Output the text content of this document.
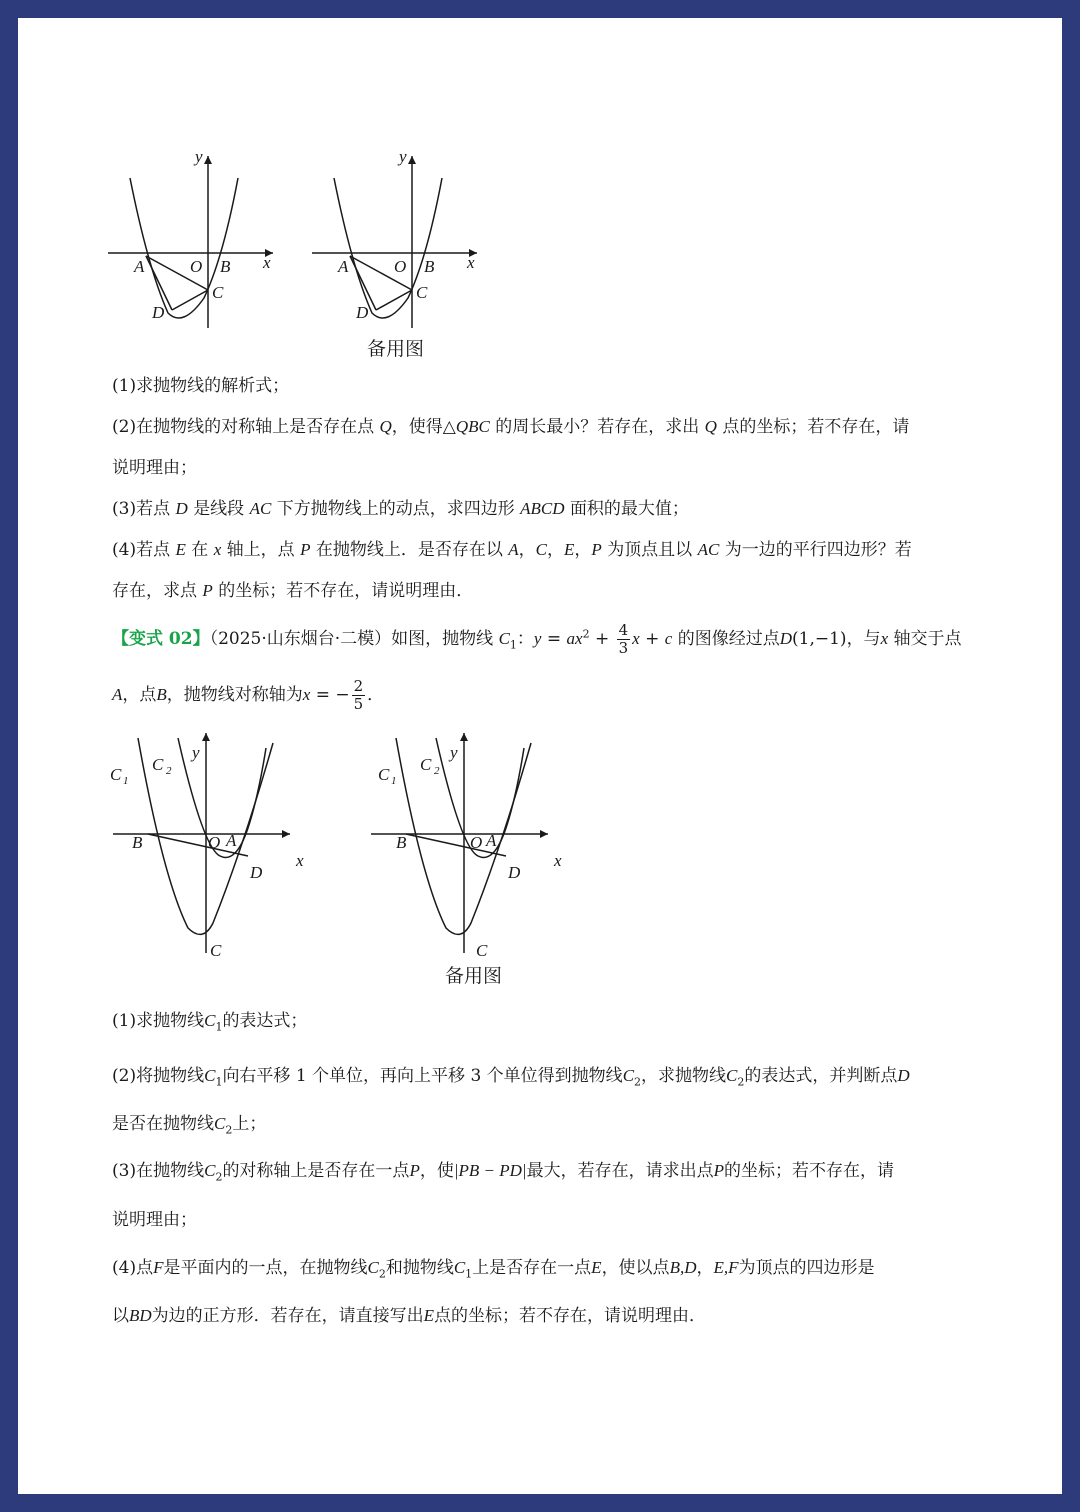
y
x
A	O B
C
D
y
x
A	O B
C
D
备用图
(1)求抛物线的解析式；
(2)在抛物线的对称轴上是否存在点 Q，使得△QBC 的周长最小？若存在，求出 Q 点的坐标；若不存在，请
说明理由；
(3)若点 D 是线段 AC 下方抛物线上的动点，求四边形 ABCD 面积的最大值；
(4)若点 E 在 x 轴上，点 P 在抛物线上．是否存在以 A，C，E，P 为顶点且以 AC 为一边的平行四边形？若
存在，求点 P 的坐标；若不存在，请说明理由．
【变式 02】（2025·山东烟台·二模）如图，抛物线 $C_1$：$y = ax^2 + \frac{4}{3}$ x + c 的图像经过点D(1,−1)，与x 轴交于点
A，点B，抛物线对称轴为x = − $\frac{2}{5}$ ．
C 1
C 2
y
B	O A
x
D
C
C 1
C 2
y
B	O A
x
D
C
备用图
(1)求抛物线$C_1$的表达式；
(2)将抛物线$C_1$向右平移 1 个单位，再向上平移 3 个单位得到抛物线$C_2$，求抛物线$C_2$的表达式，并判断点D
是否在抛物线$C_2$上；
(3)在抛物线$C_2$的对称轴上是否存在一点P，使|PB − PD|最大，若存在，请求出点P的坐标；若不存在，请
说明理由；
(4)点F是平面内的一点，在抛物线$C_2$和抛物线$C_1$上是否存在一点E，使以点B,D，E,F为顶点的四边形是
以BD为边的正方形．若存在，请直接写出E点的坐标；若不存在，请说明理由．
